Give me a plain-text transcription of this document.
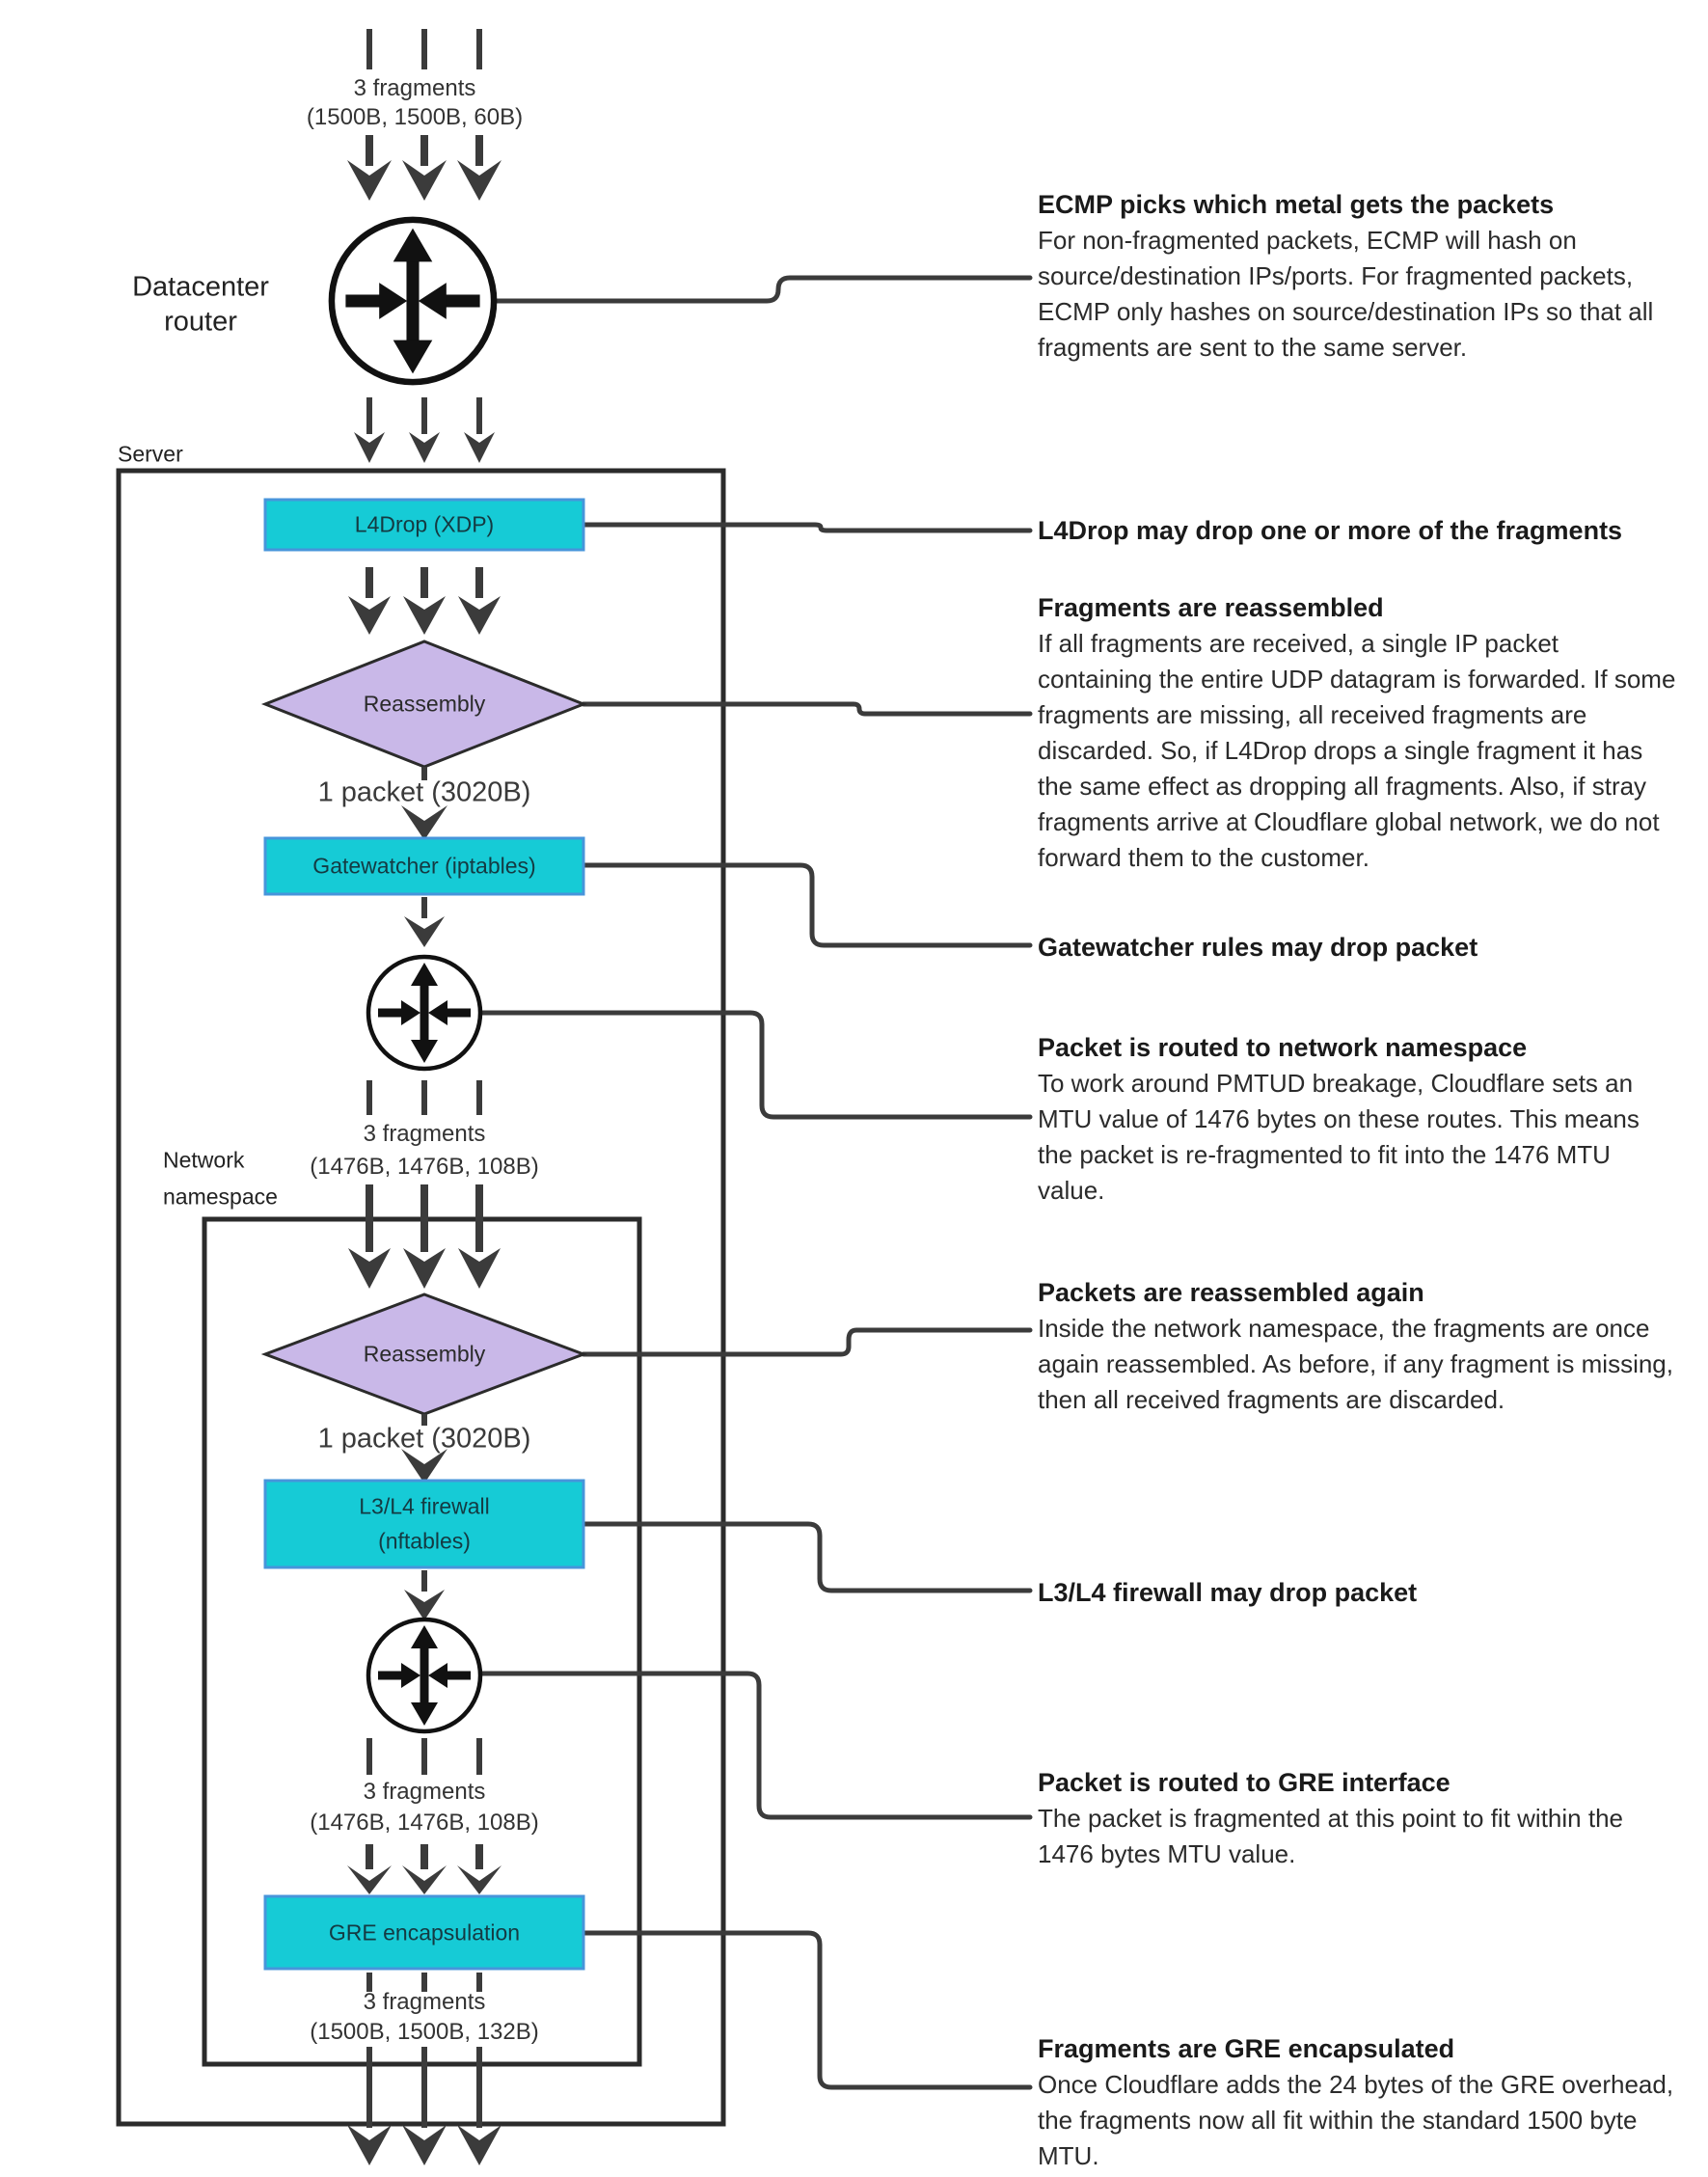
3 fragments
(1500B, 1500B, 60B)
Datacenter
router
Server
L4Drop (XDP)
Reassembly
1 packet (3020B)
Gatewatcher (iptables)
3 fragments
(1476B, 1476B, 108B)
Network
namespace
Reassembly
1 packet (3020B)
L3/L4 firewall
(nftables)
3 fragments
(1476B, 1476B, 108B)
GRE encapsulation
3 fragments
(1500B, 1500B, 132B)
ECMP picks which metal gets the packets

For non-fragmented packets, ECMP will hash on source/destination IPs/ports. For fragmented packets, ECMP only hashes on source/destination IPs so that all fragments are sent to the same server.

L4Drop may drop one or more of the fragments
Fragments are reassembled

If all fragments are received, a single IP packet containing the entire UDP datagram is forwarded. If some fragments are missing, all received fragments are discarded. So, if L4Drop drops a single fragment it has the same effect as dropping all fragments. Also, if stray fragments arrive at Cloudflare global network, we do not forward them to the customer.

Gatewatcher rules may drop packet
Packet is routed to network namespace

To work around PMTUD breakage, Cloudflare sets an MTU value of 1476 bytes on these routes. This means the packet is re-fragmented to fit into the 1476 MTU value.

Packets are reassembled again

Inside the network namespace, the fragments are once again reassembled. As before, if any fragment is missing, then all received fragments are discarded.

L3/L4 firewall may drop packet
Packet is routed to GRE interface

The packet is fragmented at this point to fit within the 1476 bytes MTU value.

Fragments are GRE encapsulated

Once Cloudflare adds the 24 bytes of the GRE overhead, the fragments now all fit within the standard 1500 byte MTU.
